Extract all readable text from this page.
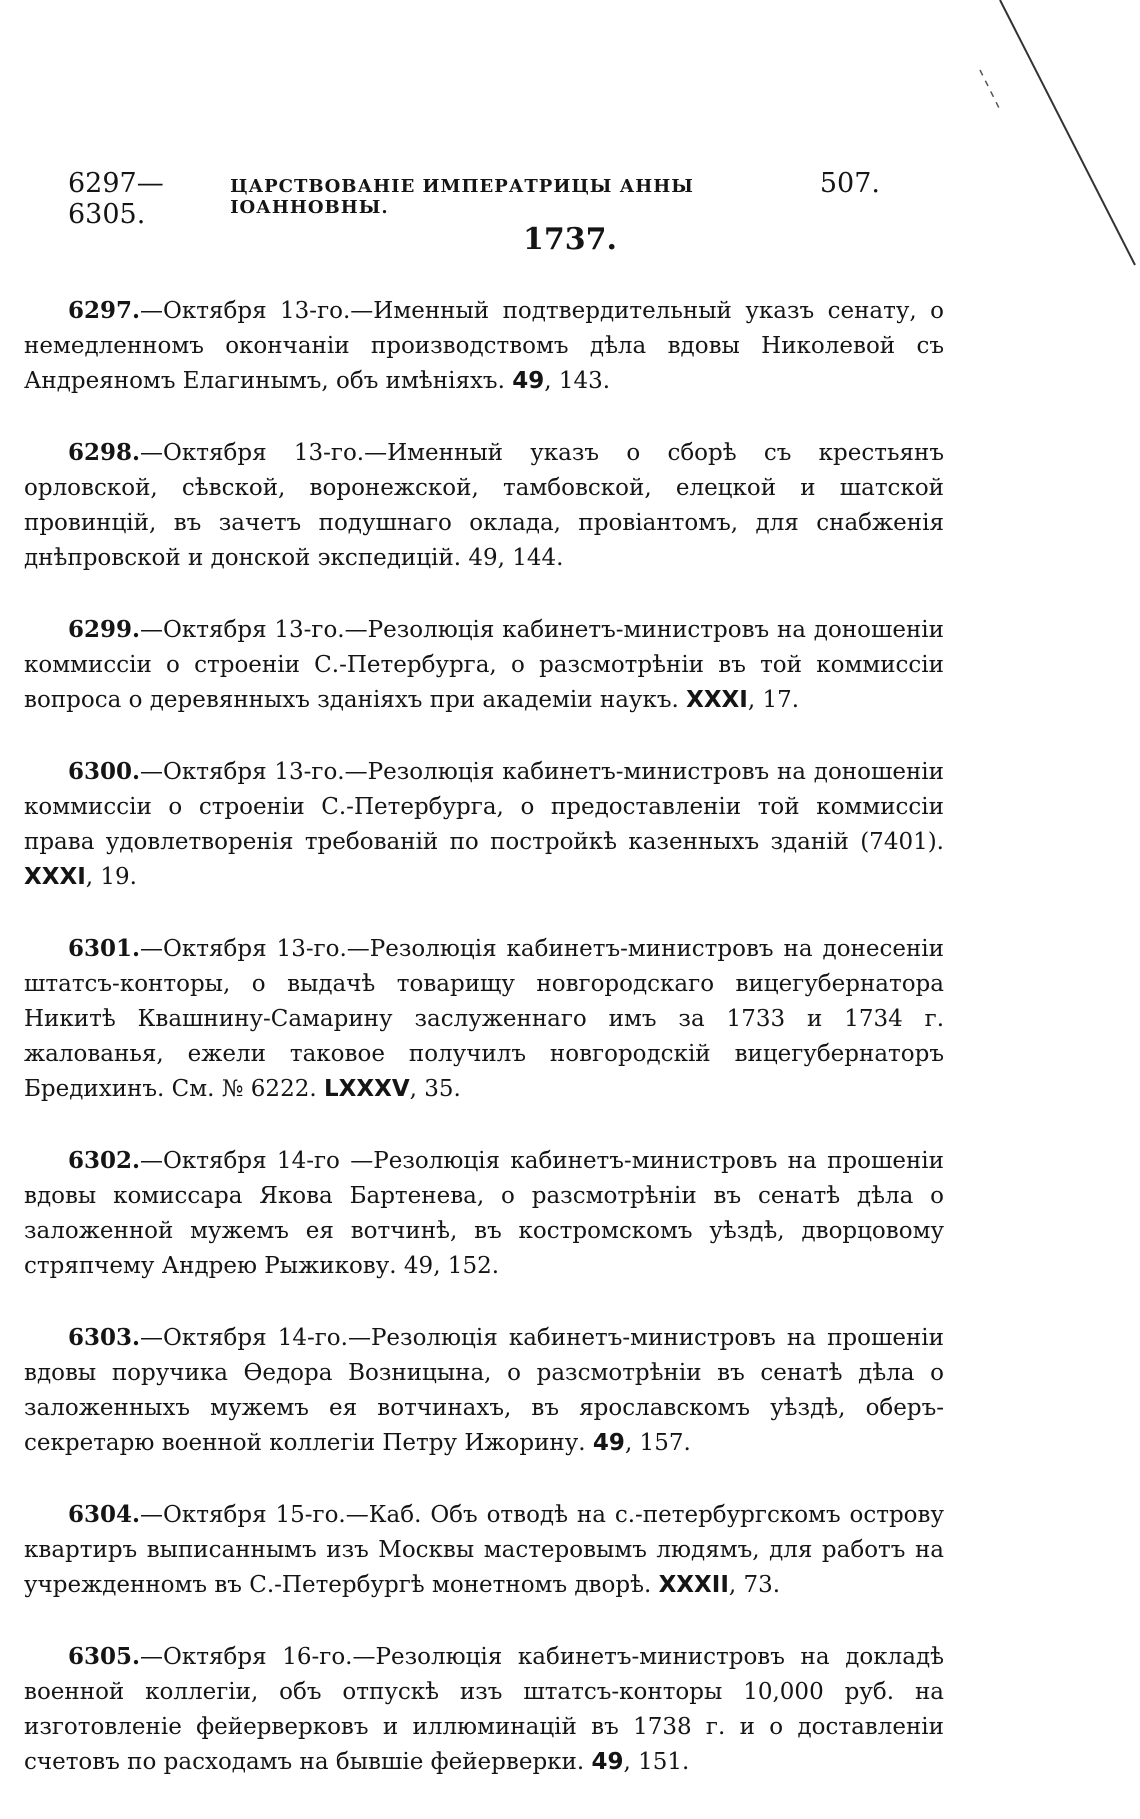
6297—6305.
ЦАРСТВОВАНІЕ ИМПЕРАТРИЦЫ АННЫ ІОАННОВНЫ.
507.
1737.

6297.—Октября 13-го.—Именный подтвердительный указъ сенату, о немедленномъ окончаніи производствомъ дѣла вдовы Николевой съ Андреяномъ Елагинымъ, объ имѣніяхъ. 49, 143.

6298.—Октября 13-го.—Именный указъ о сборѣ съ крестьянъ орловской, сѣвской, воронежской, тамбовской, елецкой и шатской провинцій, въ зачетъ подушнаго оклада, провіантомъ, для снабженія днѣпровской и донской экспедицій. 49, 144.

6299.—Октября 13-го.—Резолюція кабинетъ-министровъ на доношеніи коммиссіи о строеніи С.-Петербурга, о разсмотрѣніи въ той коммиссіи вопроса о деревянныхъ зданіяхъ при академіи наукъ. XXXI, 17.

6300.—Октября 13-го.—Резолюція кабинетъ-министровъ на доношеніи коммиссіи о строеніи С.-Петербурга, о предоставленіи той коммиссіи права удовлетворенія требованій по постройкѣ казенныхъ зданій (7401). XXXI, 19.

6301.—Октября 13-го.—Резолюція кабинетъ-министровъ на донесеніи штатсъ-конторы, о выдачѣ товарищу новгородскаго вицегубернатора Никитѣ Квашнину-Самарину заслуженнаго имъ за 1733 и 1734 г. жалованья, ежели таковое получилъ новгородскій вицегубернаторъ Бредихинъ. См. № 6222. LXXXV, 35.

6302.—Октября 14-го —Резолюція кабинетъ-министровъ на прошеніи вдовы комиссара Якова Бартенева, о разсмотрѣніи въ сенатѣ дѣла о заложенной мужемъ ея вотчинѣ, въ костромскомъ уѣздѣ, дворцовому стряпчему Андрею Рыжикову. 49, 152.

6303.—Октября 14-го.—Резолюція кабинетъ-министровъ на прошеніи вдовы поручика Ѳедора Возницына, о разсмотрѣніи въ сенатѣ дѣла о заложенныхъ мужемъ ея вотчинахъ, въ ярославскомъ уѣздѣ, оберъ-секретарю военной коллегіи Петру Ижорину. 49, 157.

6304.—Октября 15-го.—Каб. Объ отводѣ на с.-петербургскомъ острову квартиръ выписаннымъ изъ Москвы мастеровымъ людямъ, для работъ на учрежденномъ въ С.-Петербургѣ монетномъ дворѣ. XXXII, 73.

6305.—Октября 16-го.—Резолюція кабинетъ-министровъ на докладѣ военной коллегіи, объ отпускѣ изъ штатсъ-конторы 10,000 руб. на изготовленіе фейерверковъ и иллюминацій въ 1738 г. и о доставленіи счетовъ по расходамъ на бывшіе фейерверки. 49, 151.
